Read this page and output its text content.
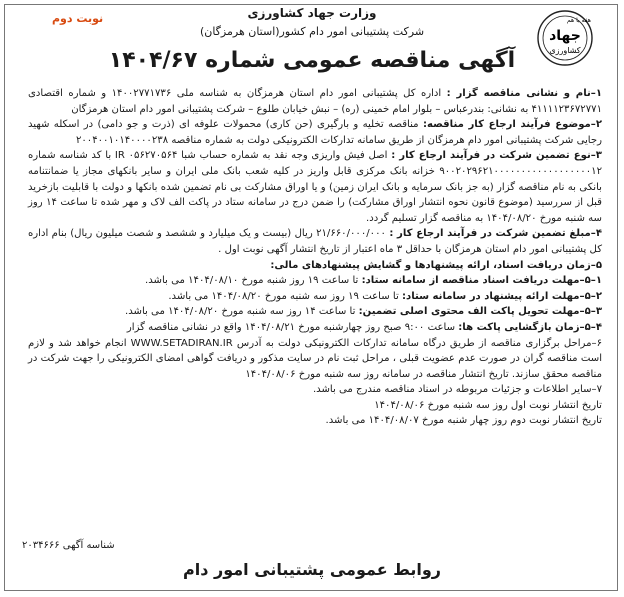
نوبت دوم	وزارت جهاد کشاورزی
شرکت پشتیبانی امور دام کشور(استان هرمزگان)
هفه با هم
جهاد
کشاورزی
آگهی مناقصه عمومی شماره ۱۴۰۴/۶۷

۱–نام و نشانی مناقصه گزار : اداره کل پشتیبانی امور دام استان هرمزگان به شناسه ملی ۱۴۰۰۲۷۷۱۷۳۶ و شماره اقتصادی ۴۱۱۱۱۲۳۶۷۲۷۷۱ به نشانی: بندرعباس – بلوار امام خمینی (ره) – نبش خیابان طلوع – شرکت پشتیبانی امور دام استان هرمزگان

۲–موضوع فرآیند ارجاع کار مناقصه: مناقصه تخلیه و بارگیری (حن کاری) محمولات علوفه ای (ذرت و جو دامی) در اسکله شهید رجایی شرکت پشتیبانی امور دام هرمزگان از طریق سامانه تدارکات الکترونیکی دولت به شماره مناقصه ۲۰۰۴۰۰۱۰۱۴۰۰۰۰۲۳۸

۳–نوع تضمین شرکت در فرآیند ارجاع کار : اصل فیش واریزی وجه نقد به شماره حساب شبا ۰۵۶۲۷۰۵۶۴ IR با کد شناسه شماره ۹۰۰۲۰۲۹۶۲۱۰۰۰۰۰۰۰۰۰۰۰۰۰۰۰۰۰۰۱۲ خزانه بانک مرکزی قابل واریز در کلیه شعب بانک ملی ایران و سایر بانکهای مجاز یا ضمانتنامه بانکی به نام مناقصه گزار (به جز بانک سرمایه و بانک ایران زمین) و یا اوراق مشارکت بی نام تضمین شده بانکها و دولت با قابلیت بازخرید قبل از سررسید (موضوع قانون نحوه انتشار اوراق مشارکت) را ضمن درج در سامانه ستاد در پاکت الف لاک و مهر شده تا ساعت ۱۴ روز سه شنبه مورخ ۱۴۰۴/۰۸/۲۰ به مناقصه گزار تسلیم گردد.

۴–مبلغ تضمین شرکت در فرآیند ارجاع کار : ۲۱/۶۶۰/۰۰۰/۰۰۰ ریال (بیست و یک میلیارد و ششصد و شصت میلیون ریال) بنام اداره کل پشتیبانی امور دام استان هرمزگان با حداقل ۳ ماه اعتبار از تاریخ انتشار آگهی نوبت اول .

۵–زمان دریافت اسناد، ارائه پیشنهادها و گشایش پیشنهادهای مالی:

۱–۵–مهلت دریافت اسناد مناقصه از سامانه ستاد: تا ساعت ۱۹ روز شنبه مورخ ۱۴۰۴/۰۸/۱۰ می باشد.

۲–۵–مهلت ارائه پیشنهاد در سامانه ستاد: تا ساعت ۱۹ روز سه شنبه مورخ ۱۴۰۴/۰۸/۲۰ می باشد.

۳–۵–مهلت تحویل پاکت الف محتوی اصلی تضمین: تا ساعت ۱۴ روز سه شنبه مورخ ۱۴۰۴/۰۸/۲۰ می باشد.

۴–۵–زمان بازگشایی پاکت ها: ساعت ۹:۰۰ صبح روز چهارشنبه مورخ ۱۴۰۴/۰۸/۲۱ واقع در نشانی مناقصه گزار

۶–مراحل برگزاری مناقصه از طریق درگاه سامانه تدارکات الکترونیکی دولت به آدرس WWW.SETADIRAN.IR انجام خواهد شد و لازم است مناقصه گران در صورت عدم عضویت قبلی ، مراحل ثبت نام در سایت مذکور و دریافت گواهی امضای الکترونیکی را جهت شرکت در مناقصه محقق سازند. تاریخ انتشار مناقصه در سامانه روز سه شنبه مورخ ۱۴۰۴/۰۸/۰۶

۷–سایر اطلاعات و جزئیات مربوطه در اسناد مناقصه مندرج می باشد.

تاریخ انتشار نوبت اول روز سه شنبه مورخ ۱۴۰۴/۰۸/۰۶

تاریخ انتشار نوبت دوم روز چهار شنبه مورخ ۱۴۰۴/۰۸/۰۷ می باشد.

شناسه آگهی ۲۰۳۴۶۶۶
روابط عمومی پشتیبانی امور دام
